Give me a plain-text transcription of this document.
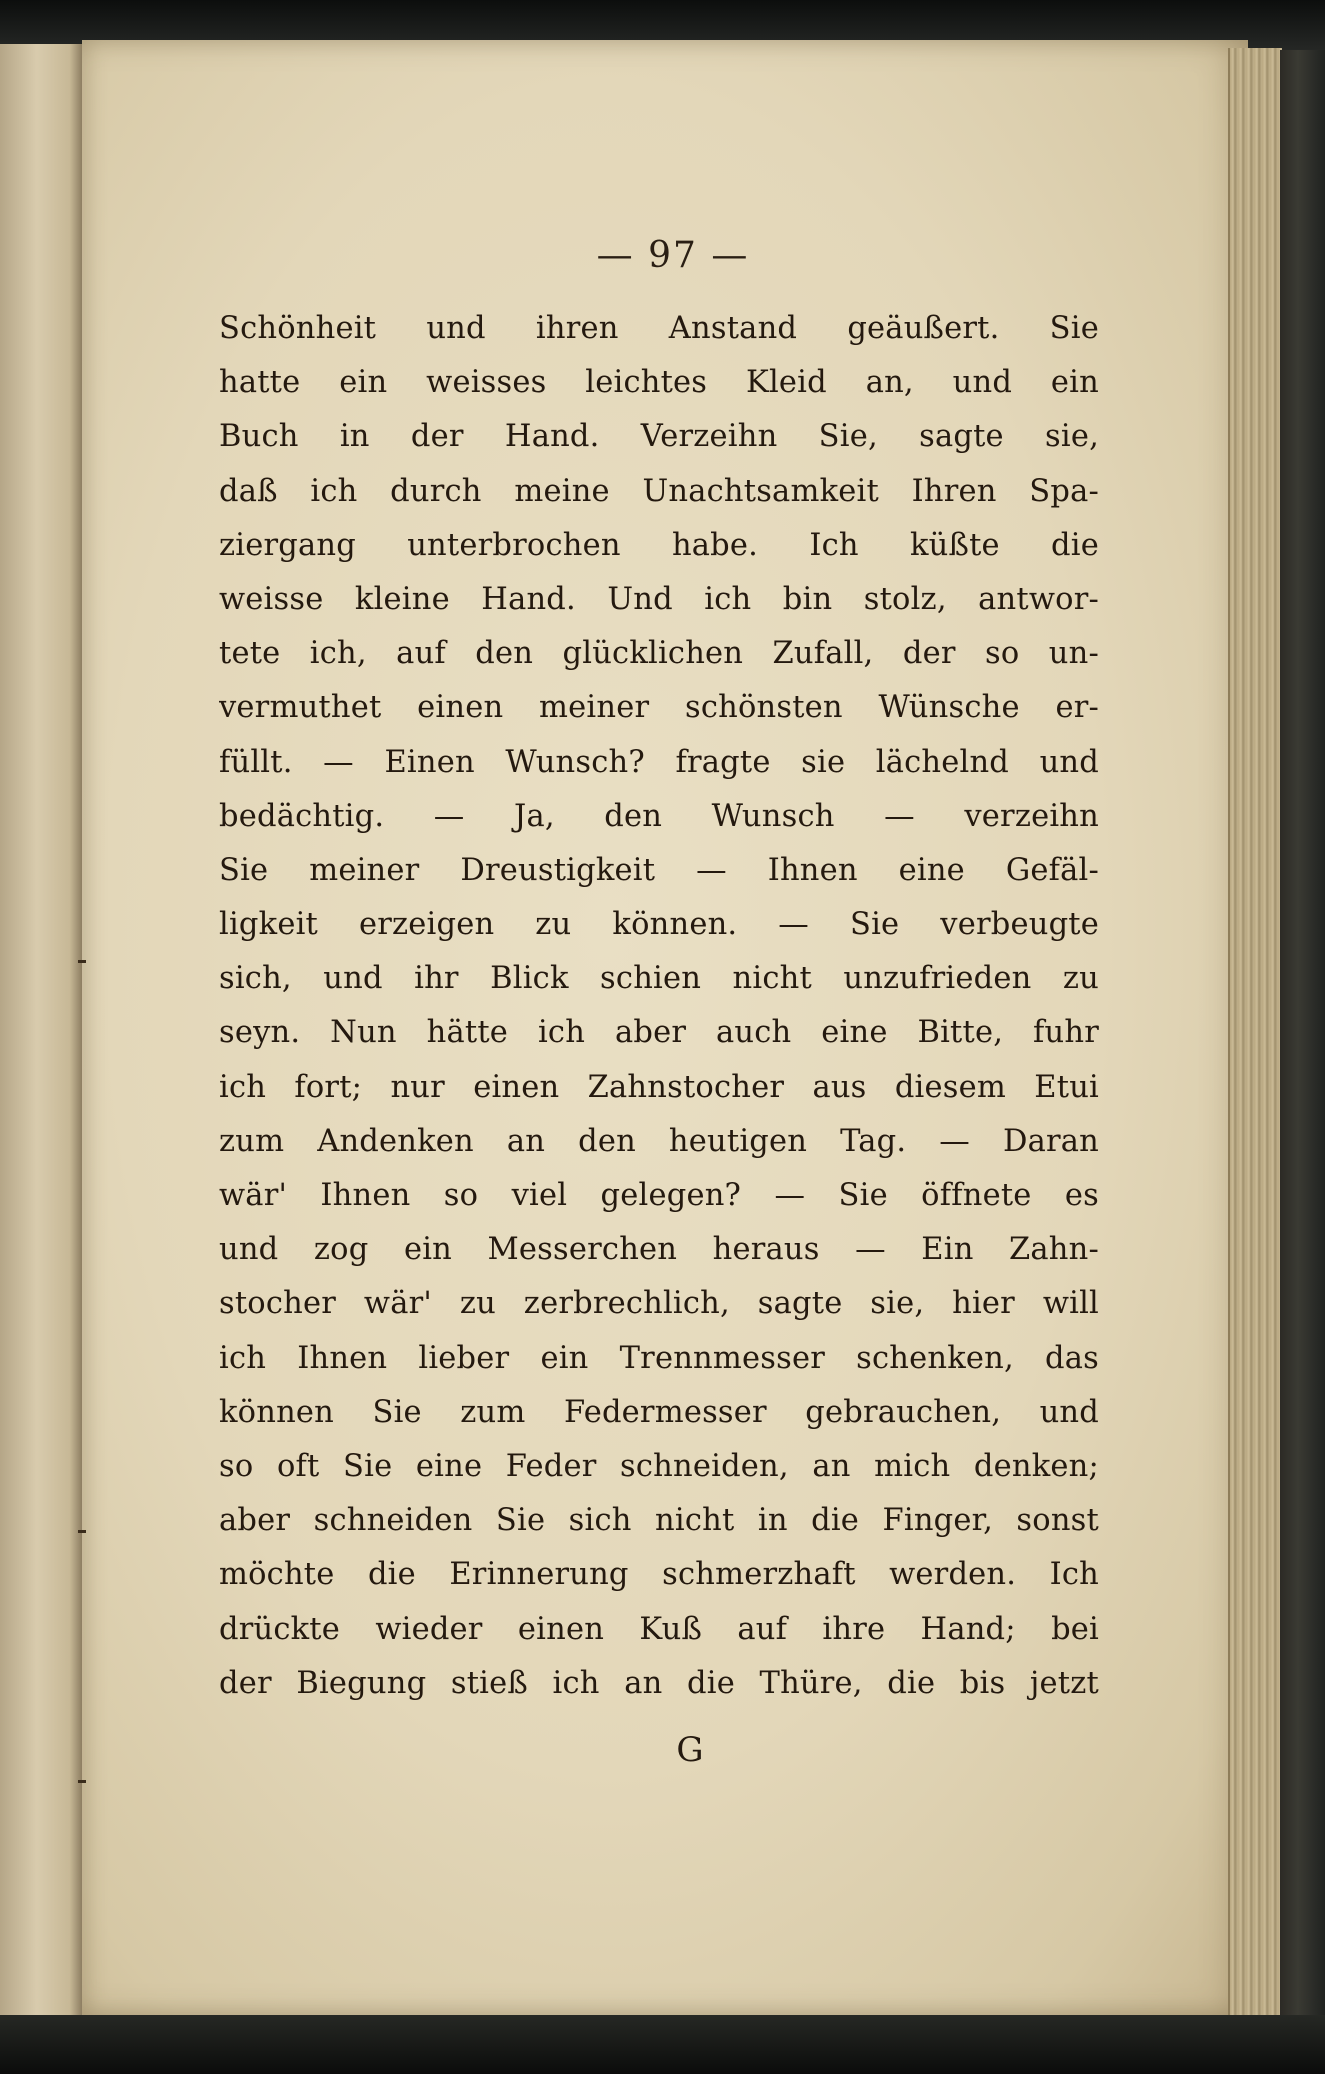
— 97 —
Schönheit und ihren Anstand geäußert. Sie
hatte ein weisses leichtes Kleid an, und ein
Buch in der Hand. Verzeihn Sie, sagte sie,
daß ich durch meine Unachtsamkeit Ihren Spa-
ziergang unterbrochen habe. Ich küßte die
weisse kleine Hand. Und ich bin stolz, antwor-
tete ich, auf den glücklichen Zufall, der so un-
vermuthet einen meiner schönsten Wünsche er-
füllt. — Einen Wunsch? fragte sie lächelnd und
bedächtig. — Ja, den Wunsch — verzeihn
Sie meiner Dreustigkeit — Ihnen eine Gefäl-
ligkeit erzeigen zu können. — Sie verbeugte
sich, und ihr Blick schien nicht unzufrieden zu
seyn. Nun hätte ich aber auch eine Bitte, fuhr
ich fort; nur einen Zahnstocher aus diesem Etui
zum Andenken an den heutigen Tag. — Daran
wär' Ihnen so viel gelegen? — Sie öffnete es
und zog ein Messerchen heraus — Ein Zahn-
stocher wär' zu zerbrechlich, sagte sie, hier will
ich Ihnen lieber ein Trennmesser schenken, das
können Sie zum Federmesser gebrauchen, und
so oft Sie eine Feder schneiden, an mich denken;
aber schneiden Sie sich nicht in die Finger, sonst
möchte die Erinnerung schmerzhaft werden. Ich
drückte wieder einen Kuß auf ihre Hand; bei
der Biegung stieß ich an die Thüre, die bis jetzt
G
